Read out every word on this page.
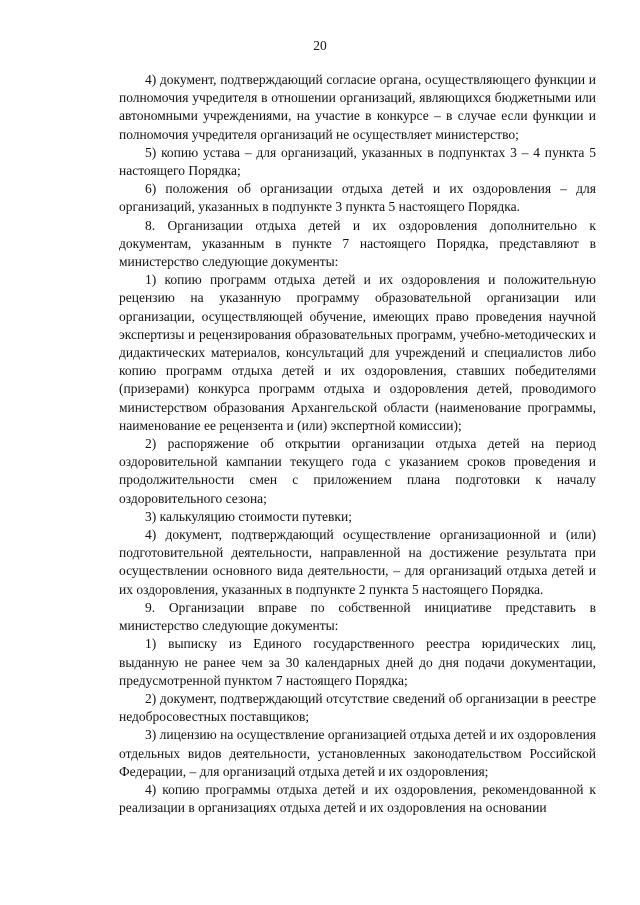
20

4) документ, подтверждающий согласие органа, осуществляющего функции и полномочия учредителя в отношении организаций, являющихся бюджетными или автономными учреждениями, на участие в конкурсе – в случае если функции и полномочия учредителя организаций не осуществляет министерство;

5) копию устава – для организаций, указанных в подпунктах 3 – 4 пункта 5 настоящего Порядка;

6) положения об организации отдыха детей и их оздоровления – для организаций, указанных в подпункте 3 пункта 5 настоящего Порядка.

8. Организации отдыха детей и их оздоровления дополнительно к документам, указанным в пункте 7 настоящего Порядка, представляют в министерство следующие документы:

1) копию программ отдыха детей и их оздоровления и положительную рецензию на указанную программу образовательной организации или организации, осуществляющей обучение, имеющих право проведения научной экспертизы и рецензирования образовательных программ, учебно-методических и дидактических материалов, консультаций для учреждений и специалистов либо копию программ отдыха детей и их оздоровления, ставших победителями (призерами) конкурса программ отдыха и оздоровления детей, проводимого министерством образования Архангельской области (наименование программы, наименование ее рецензента и (или) экспертной комиссии);

2) распоряжение об открытии организации отдыха детей на период оздоровительной кампании текущего года с указанием сроков проведения и продолжительности смен с приложением плана подготовки к началу оздоровительного сезона;

3) калькуляцию стоимости путевки;

4) документ, подтверждающий осуществление организационной и (или) подготовительной деятельности, направленной на достижение результата при осуществлении основного вида деятельности, – для организаций отдыха детей и их оздоровления, указанных в подпункте 2 пункта 5 настоящего Порядка.

9. Организации вправе по собственной инициативе представить в министерство следующие документы:

1) выписку из Единого государственного реестра юридических лиц, выданную не ранее чем за 30 календарных дней до дня подачи документации, предусмотренной пунктом 7 настоящего Порядка;

2) документ, подтверждающий отсутствие сведений об организации в реестре недобросовестных поставщиков;

3) лицензию на осуществление организацией отдыха детей и их оздоровления отдельных видов деятельности, установленных законодательством Российской Федерации, – для организаций отдыха детей и их оздоровления;

4) копию программы отдыха детей и их оздоровления, рекомендованной к реализации в организациях отдыха детей и их оздоровления на основании
